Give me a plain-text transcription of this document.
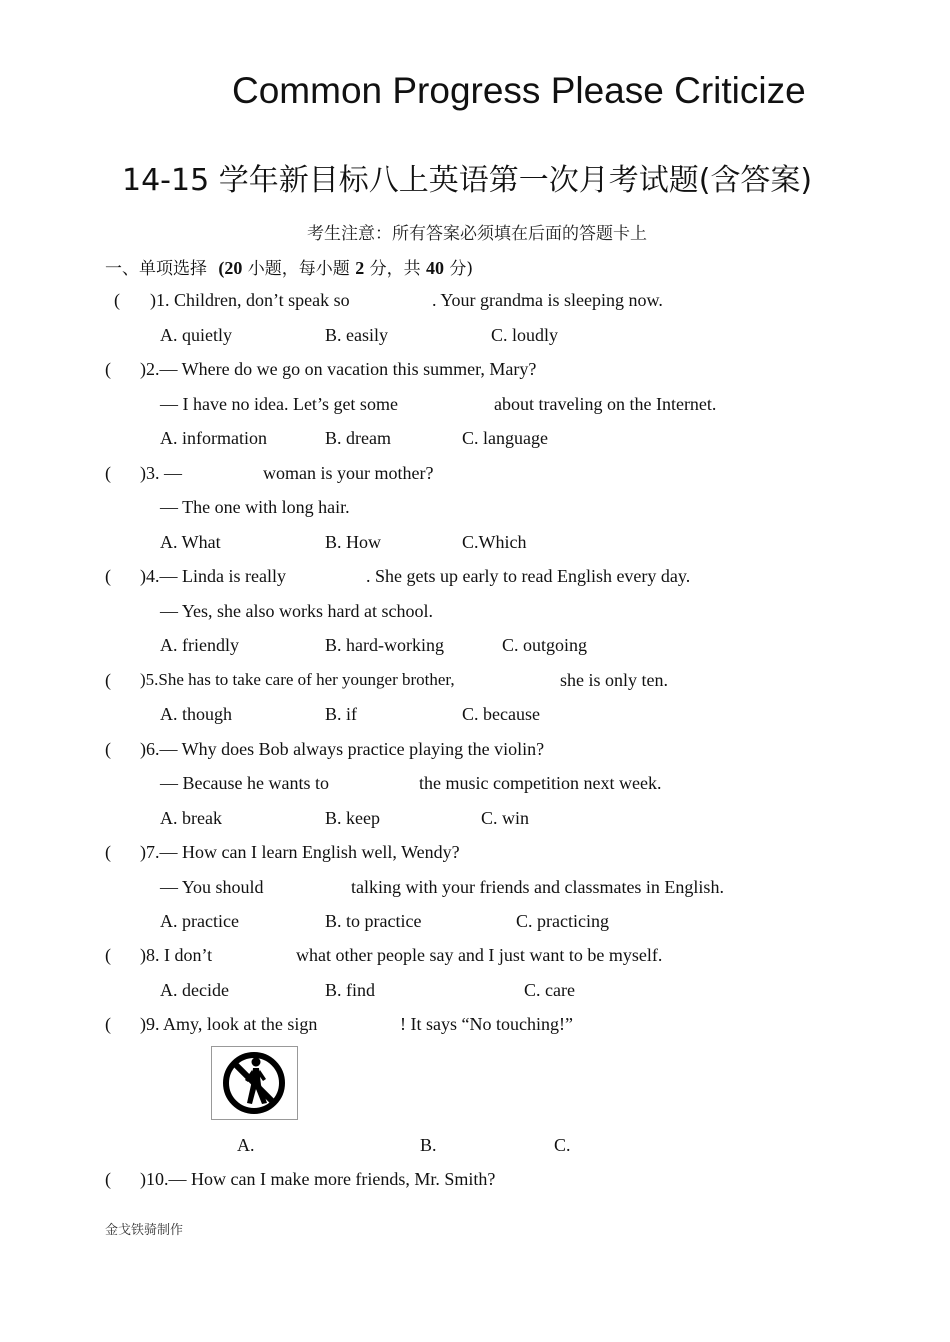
Common Progress Please Criticize
14-15 学年新目标八上英语第一次月考试题(含答案)
考生注意：所有答案必须填在后面的答题卡上
一、单项选择 (20 小题，每小题 2 分，共 40 分)
( )1. Children, don’t speak so	. Your grandma is sleeping now.
A. quietly	B. easily	C. loudly
( )2.— Where do we go on vacation this summer, Mary?
— I have no idea. Let’s get some	about traveling on the Internet.
A. information	B. dream	C. language
( )3. —	woman is your mother?
— The one with long hair.
A. What	B. How	C.Which
( )4.— Linda is really	. She gets up early to read English every day.
— Yes, she also works hard at school.
A. friendly	B. hard-working	C. outgoing
( )5.She has to take care of her younger brother,	she is only ten.
A. though	B. if	C. because
( )6.— Why does Bob always practice playing the violin?
— Because he wants to	the music competition next week.
A. break	B. keep	C. win
( )7.— How can I learn English well, Wendy?
— You should	talking with your friends and classmates in English.
A. practice	B. to practice	C. practicing
( )8. I don’t	what other people say and I just want to be myself.
A. decide	B. find	C. care
( )9. Amy, look at the sign	! It says “No touching!”
A.	B.	C.
( )10.— How can I make more friends, Mr. Smith?
金戈铁骑制作
